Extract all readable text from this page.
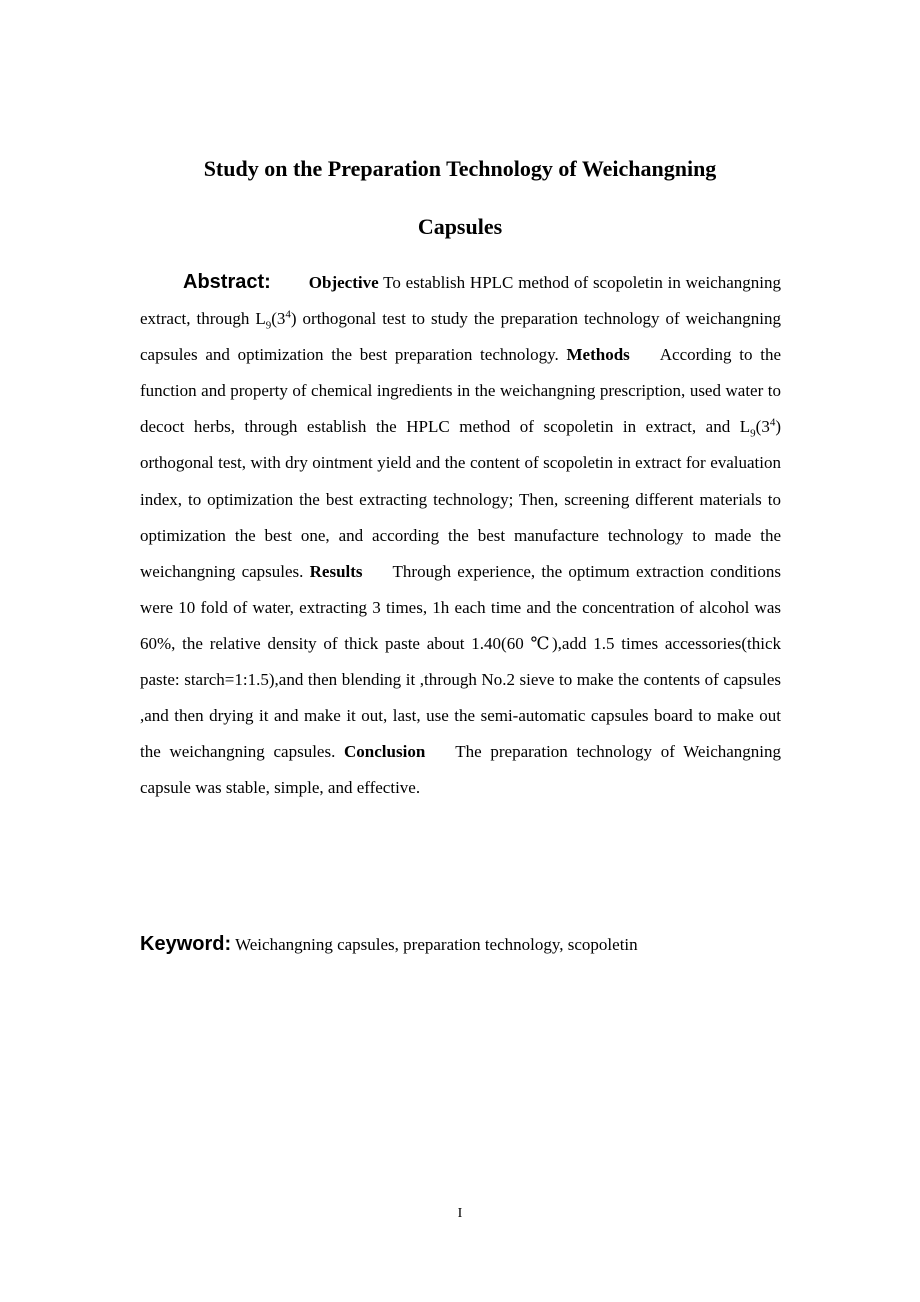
Study on the Preparation Technology of Weichangning
Capsules

Abstract: Objective To establish HPLC method of scopoletin in weichangning extract, through $L_9(3^4)$ orthogonal test to study the preparation technology of weichangning capsules and optimization the best preparation technology. Methods According to the function and property of chemical ingredients in the weichangning prescription, used water to decoct herbs, through establish the HPLC method of scopoletin in extract, and $L_9(3^4)$ orthogonal test, with dry ointment yield and the content of scopoletin in extract for evaluation index, to optimization the best extracting technology; Then, screening different materials to optimization the best one, and according the best manufacture technology to made the weichangning capsules. Results Through experience, the optimum extraction conditions were 10 fold of water, extracting 3 times, 1h each time and the concentration of alcohol was 60%, the relative density of thick paste about 1.40(60 ℃),add 1.5 times accessories(thick paste: starch=1:1.5),and then blending it ,through No.2 sieve to make the contents of capsules ,and then drying it and make it out, last, use the semi-automatic capsules board to make out the weichangning capsules. Conclusion The preparation technology of Weichangning capsule was stable, simple, and effective.

Keyword: Weichangning capsules, preparation technology, scopoletin

I
